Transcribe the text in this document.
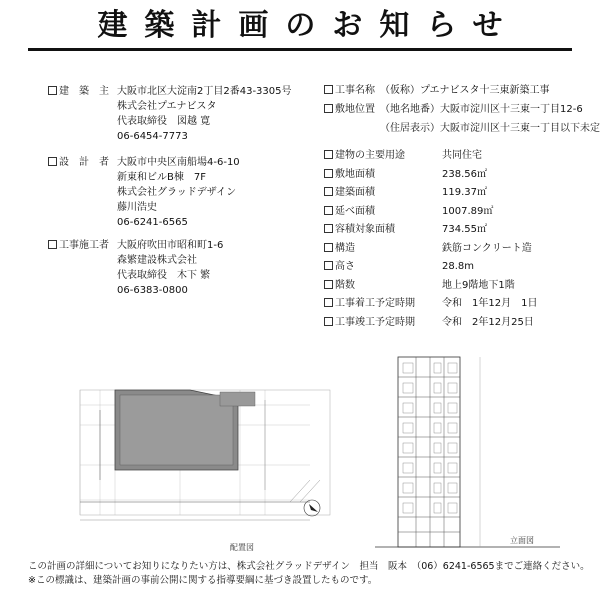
建築計画のお知らせ
建　築　主 大阪市北区大淀南2丁目2番43-3305号
株式会社プエナビスタ
代表取締役　図越 寛
06-6454-7773
設　計　者 大阪市中央区南船場4-6-10
新東和ビルB棟　7F
株式会社グラッドデザイン
藤川浩史
06-6241-6565
工事施工者 大阪府吹田市昭和町1-6
森繁建設株式会社
代表取締役　木下 繁
06-6383-0800
工事名称 （仮称）プエナビスタ十三東新築工事
敷地位置 （地名地番）大阪市淀川区十三東一丁目12-6
（住居表示）大阪市淀川区十三東一丁目以下未定
建物の主要用途	共同住宅
敷地面積	238.56㎡
建築面積	119.37㎡
延べ面積	1007.89㎡
容積対象面積	734.55㎡
構造	鉄筋コンクリート造
高さ	28.8m
階数	地上9階地下1階
工事着工予定時期	令和　1年12月　1日
工事竣工予定時期	令和　2年12月25日
配置図
立面図
この計画の詳細についてお知りになりたい方は、株式会社グラッドデザイン　担当　阪本　（06）6241-6565までご連絡ください。
※この標識は、建築計画の事前公開に関する指導要綱に基づき設置したものです。
